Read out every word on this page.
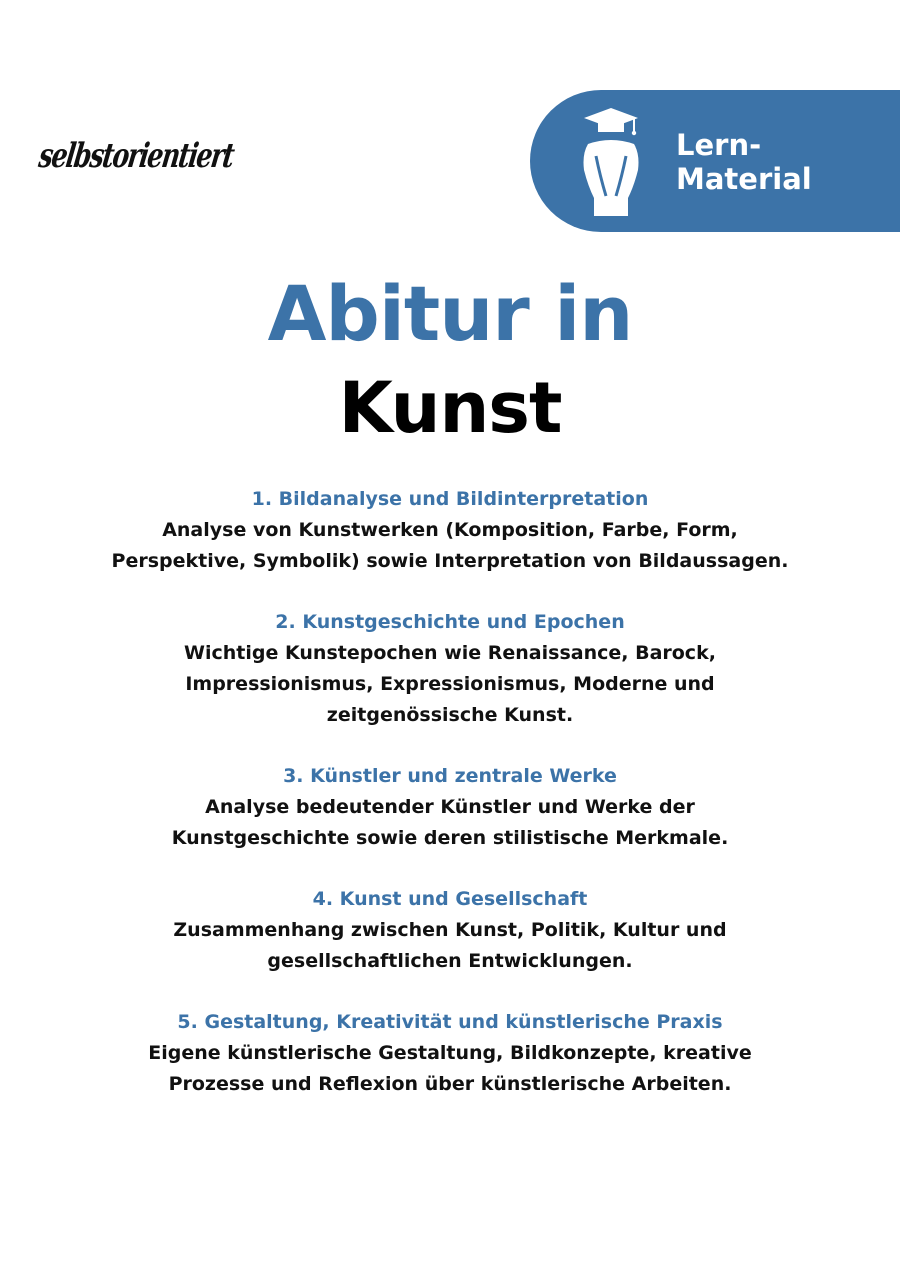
selbstorientiert	Lern-
Material
Abitur in
Kunst
1. Bildanalyse und Bildinterpretation
Analyse von Kunstwerken (Komposition, Farbe, Form,
Perspektive, Symbolik) sowie Interpretation von Bildaussagen.
2. Kunstgeschichte und Epochen
Wichtige Kunstepochen wie Renaissance, Barock,
Impressionismus, Expressionismus, Moderne und
zeitgenössische Kunst.
3. Künstler und zentrale Werke
Analyse bedeutender Künstler und Werke der
Kunstgeschichte sowie deren stilistische Merkmale.
4. Kunst und Gesellschaft
Zusammenhang zwischen Kunst, Politik, Kultur und
gesellschaftlichen Entwicklungen.
5. Gestaltung, Kreativität und künstlerische Praxis
Eigene künstlerische Gestaltung, Bildkonzepte, kreative
Prozesse und Reflexion über künstlerische Arbeiten.
